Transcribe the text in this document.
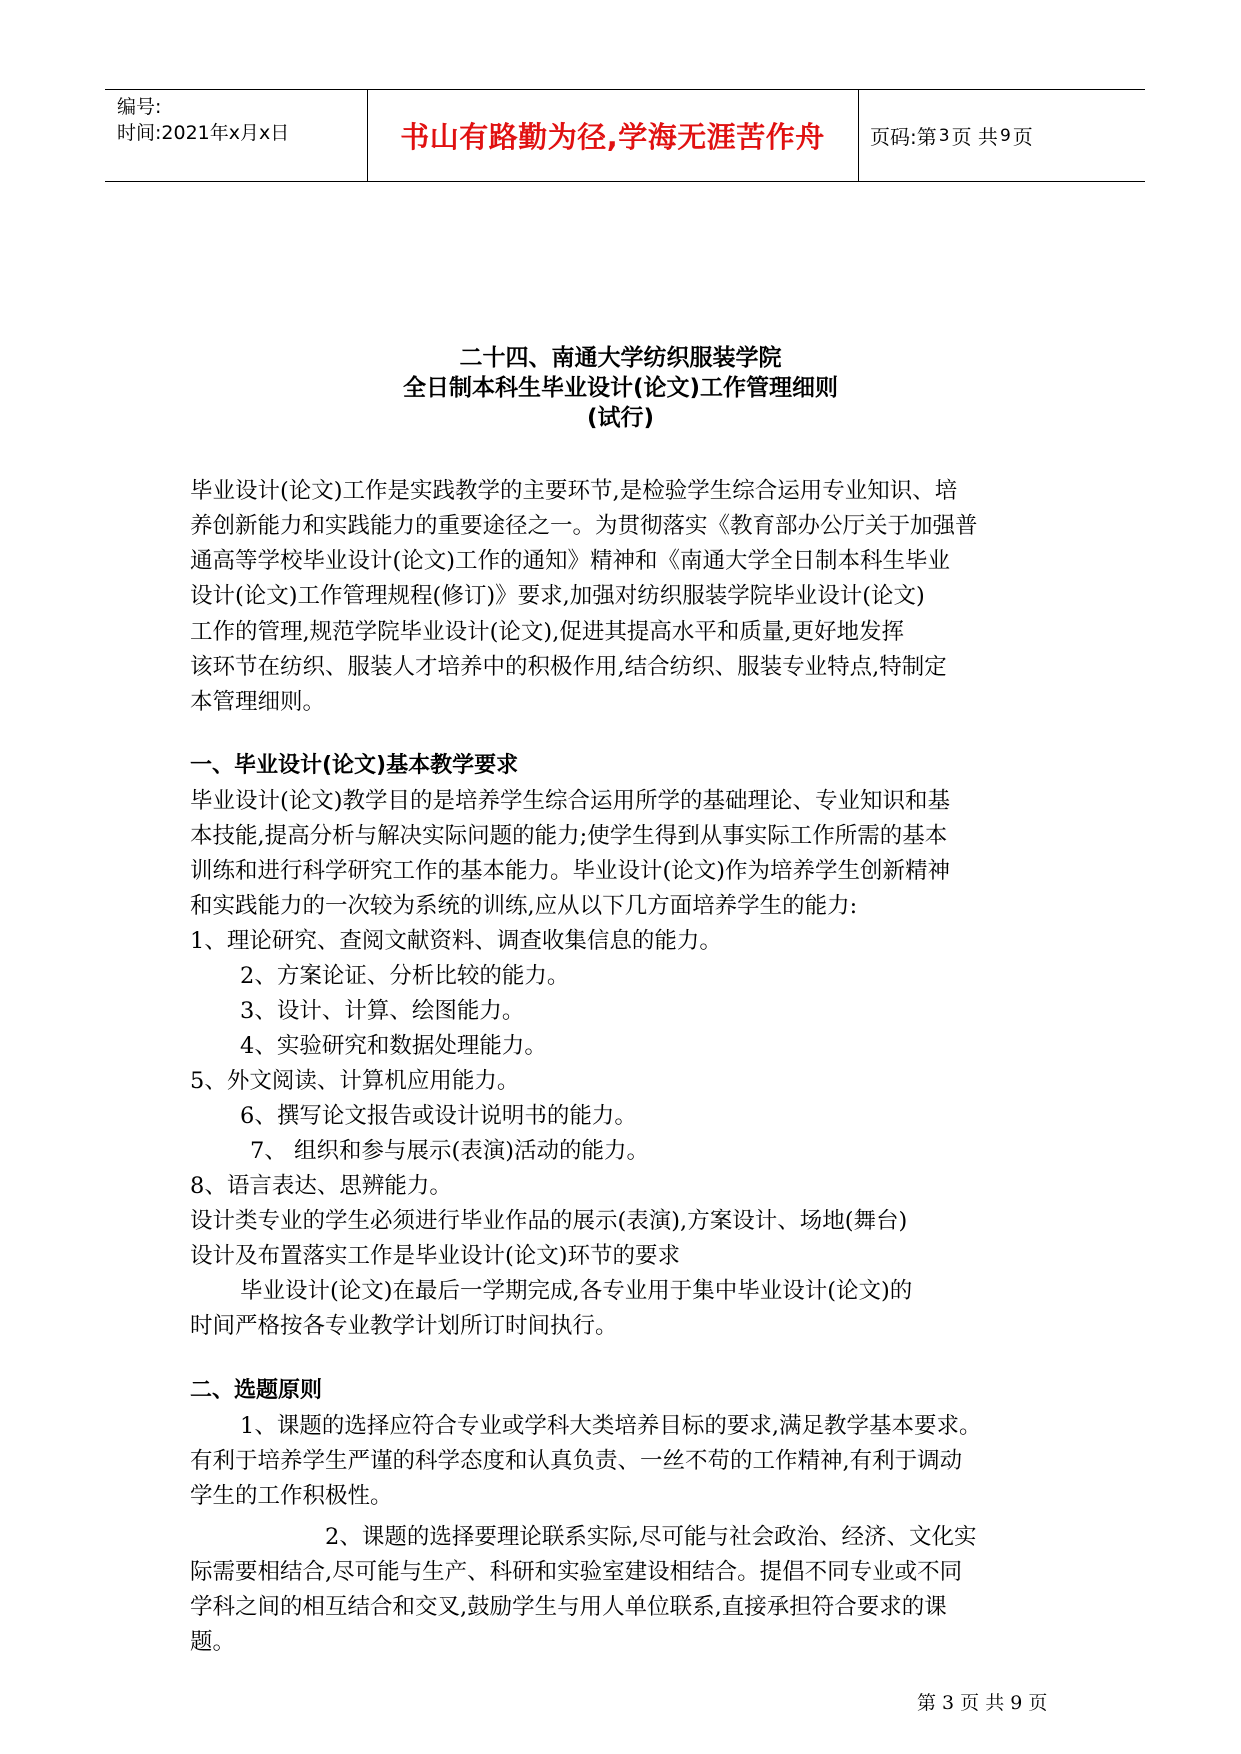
编号:
时间:2021年x月x日	书山有路勤为径,学海无涯苦作舟	页码:第 3 页 共 9 页
二十四、南通大学纺织服装学院
全日制本科生毕业设计(论文)工作管理细则
(试行)
毕业设计(论文)工作是实践教学的主要环节,是检验学生综合运用专业知识、培
养创新能力和实践能力的重要途径之一。为贯彻落实《教育部办公厅关于加强普
通高等学校毕业设计(论文)工作的通知》精神和《南通大学全日制本科生毕业
设计(论文)工作管理规程(修订)》要求,加强对纺织服装学院毕业设计(论文)
工作的管理,规范学院毕业设计(论文),促进其提高水平和质量,更好地发挥
该环节在纺织、服装人才培养中的积极作用,结合纺织、服装专业特点,特制定
本管理细则。
一、毕业设计(论文)基本教学要求
毕业设计(论文)教学目的是培养学生综合运用所学的基础理论、专业知识和基
本技能,提高分析与解决实际问题的能力;使学生得到从事实际工作所需的基本
训练和进行科学研究工作的基本能力。毕业设计(论文)作为培养学生创新精神
和实践能力的一次较为系统的训练,应从以下几方面培养学生的能力:
1、理论研究、查阅文献资料、调查收集信息的能力。
2、方案论证、分析比较的能力。
3、设计、计算、绘图能力。
4、实验研究和数据处理能力。
5、外文阅读、计算机应用能力。
6、撰写论文报告或设计说明书的能力。
7、 组织和参与展示(表演)活动的能力。
8、语言表达、思辨能力。
设计类专业的学生必须进行毕业作品的展示(表演),方案设计、场地(舞台)
设计及布置落实工作是毕业设计(论文)环节的要求
毕业设计(论文)在最后一学期完成,各专业用于集中毕业设计(论文)的
时间严格按各专业教学计划所订时间执行。
二、选题原则
1、课题的选择应符合专业或学科大类培养目标的要求,满足教学基本要求。
有利于培养学生严谨的科学态度和认真负责、一丝不苟的工作精神,有利于调动
学生的工作积极性。
2、课题的选择要理论联系实际,尽可能与社会政治、经济、文化实
际需要相结合,尽可能与生产、科研和实验室建设相结合。提倡不同专业或不同
学科之间的相互结合和交叉,鼓励学生与用人单位联系,直接承担符合要求的课
题。
第 3 页 共 9 页
